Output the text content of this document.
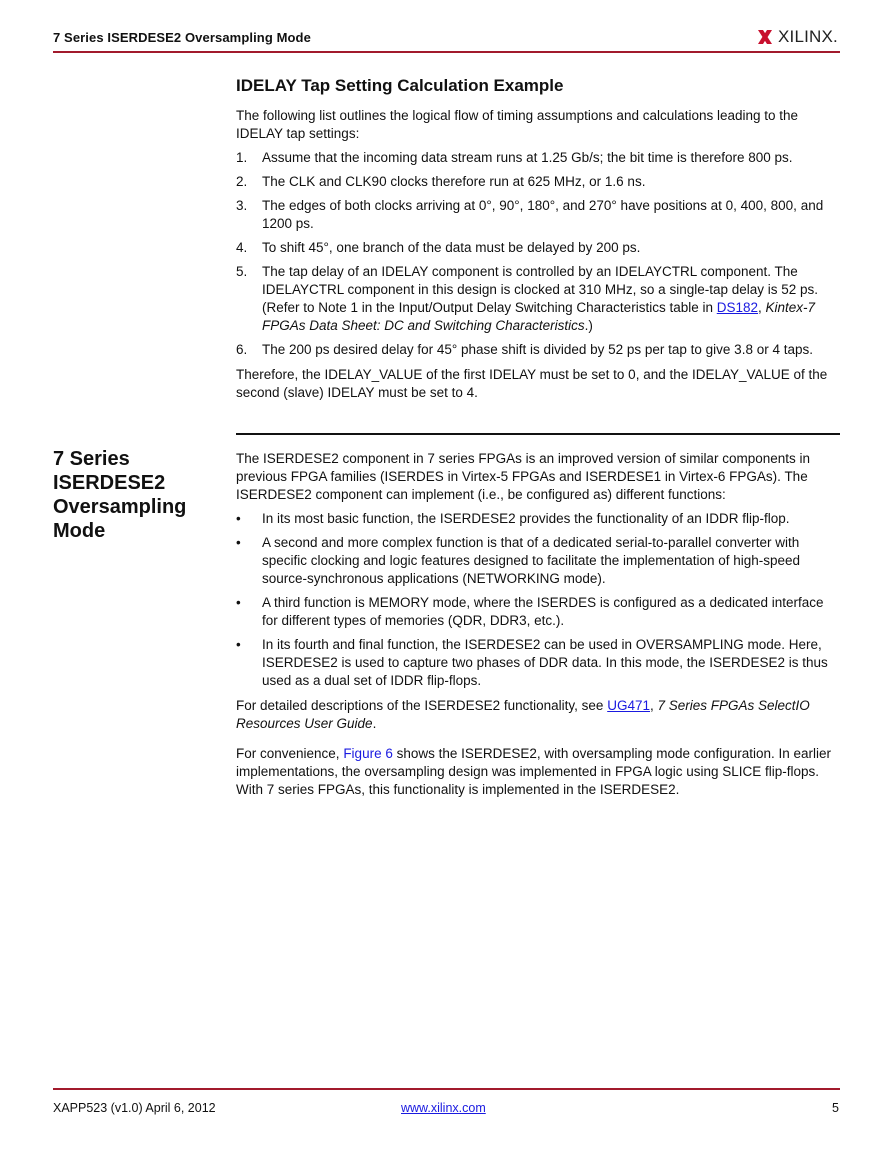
7 Series ISERDESE2 Oversampling Mode	XILINX.

IDELAY Tap Setting Calculation Example

The following list outlines the logical flow of timing assumptions and calculations leading to the IDELAY tap settings:

1. Assume that the incoming data stream runs at 1.25 Gb/s; the bit time is therefore 800 ps.
2. The CLK and CLK90 clocks therefore run at 625 MHz, or 1.6 ns.
3. The edges of both clocks arriving at 0°, 90°, 180°, and 270° have positions at 0, 400, 800, and 1200 ps.
4. To shift 45°, one branch of the data must be delayed by 200 ps.
5. The tap delay of an IDELAY component is controlled by an IDELAYCTRL component. The IDELAYCTRL component in this design is clocked at 310 MHz, so a single-tap delay is 52 ps. (Refer to Note 1 in the Input/Output Delay Switching Characteristics table in DS182, Kintex-7 FPGAs Data Sheet: DC and Switching Characteristics.)
6. The 200 ps desired delay for 45° phase shift is divided by 52 ps per tap to give 3.8 or 4 taps.

Therefore, the IDELAY_VALUE of the first IDELAY must be set to 0, and the IDELAY_VALUE of the second (slave) IDELAY must be set to 4.

7 Series ISERDESE2 Oversampling Mode

The ISERDESE2 component in 7 series FPGAs is an improved version of similar components in previous FPGA families (ISERDES in Virtex-5 FPGAs and ISERDESE1 in Virtex-6 FPGAs). The ISERDESE2 component can implement (i.e., be configured as) different functions:

• In its most basic function, the ISERDESE2 provides the functionality of an IDDR flip-flop.
• A second and more complex function is that of a dedicated serial-to-parallel converter with specific clocking and logic features designed to facilitate the implementation of high-speed source-synchronous applications (NETWORKING mode).
• A third function is MEMORY mode, where the ISERDES is configured as a dedicated interface for different types of memories (QDR, DDR3, etc.).
• In its fourth and final function, the ISERDESE2 can be used in OVERSAMPLING mode. Here, ISERDESE2 is used to capture two phases of DDR data. In this mode, the ISERDESE2 is thus used as a dual set of IDDR flip-flops.

For detailed descriptions of the ISERDESE2 functionality, see UG471, 7 Series FPGAs SelectIO Resources User Guide.

For convenience, Figure 6 shows the ISERDESE2, with oversampling mode configuration. In earlier implementations, the oversampling design was implemented in FPGA logic using SLICE flip-flops. With 7 series FPGAs, this functionality is implemented in the ISERDESE2.

XAPP523 (v1.0) April 6, 2012	www.xilinx.com	5
